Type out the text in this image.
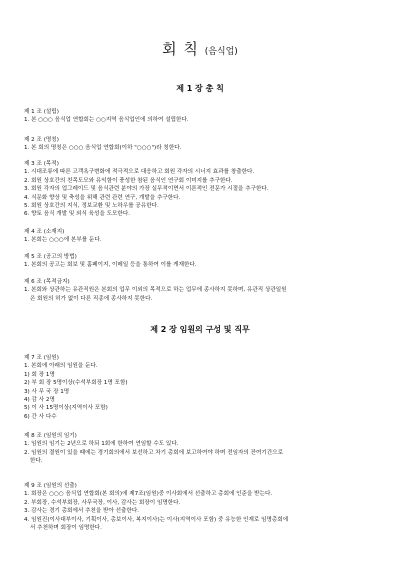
회 칙 (음식업)
제 1 장 총 칙
제 1 조 (설립)
1. 본 ○○○ 음식업 연합회는 ○○지역 음식업인에 의하여 설립한다.
제 2 조 (명칭)
1. 본 회의 명칭은 ○○○ 음식업 연합회(이하 "○○○")라 칭한다.
제 3 조 (목적)
1. 시대조류에 따른 고객욕구변화에 적극적으로 대응하고 회원 각자의 시너지 효과를 창출한다.
2. 회원 상호간의 친목도모와 유익함이 풍성한 참된 음식인 연구회 이미지를 추구한다.
3. 회원 각자의 업그레이드 및 음식관련 분야의 가장 실무적이면서 이론적인 전문가 시절을 추구한다.
4. 식문화 향상 및 축성을 위해 관련 관련 연구, 개발을 추구한다.
5. 회원 상호간의 지식, 정보교환 및 노하우를 공유한다.
6. 향토 음식 개발 및 외식 육성을 도모한다.
제 4 조 (소재지)
1. 본회는 ○○○에 본부를 둔다.
제 5 조 (공고의 방법)
1. 본회의 공고는 회보 및 홈페이지, 이메일 등을 통하여 이를 게재한다.
제 6 조 (목적금지)
1. 본회와 상관하는 유관직원은 본회의 업무 이외의 목적으로 하는 업무에 종사하지 못하며, 유관직 상관일원
은 회원의 허가 없이 다른 직종에 종사하지 못한다.
제 2 장 임원의 구성 및 직무
제 7 조 (임원)
1. 본회에 아래의 임원을 둔다.
1) 회 장 1명
2) 부 회 장 5명이상(수석부회장 1명 포함)
3) 사 무 국 장 1명
4) 감 사 2명
5) 이 사 15명이상(지역이사 포함)
6) 간 사 다수
제 8 조 (임원의 임기)
1. 임원의 임기는 2년으로 하되 1회에 한하여 연임할 수도 있다.
2. 임원의 결원이 있을 때에는 경기회의에서 보선하고 차기 총회에 보고하여야 하며 전임자의 잔여기간으로
한다.
제 9 조 (임원의 선출)
1. 회장은 ○○○ 음식업 연합회(본 회의)에 제7조(임원)중 이사회에서 선출하고 총회에 인준을 받는다.
2. 부회장, 수석부회장, 사무국장, 이사, 감사는 회장이 임명한다.
3. 감사는 경기 총회에서 추천을 받아 선출한다.
4. 임원진(이사대부이사, 기획이사, 총보이사, 복지이사)는 이사(지역이사 포함) 중 유능한 인재로 임명총회에
서 추천하며 회장이 임명한다.
